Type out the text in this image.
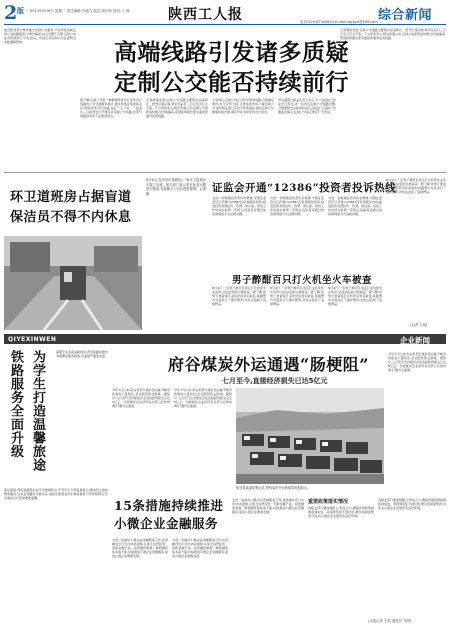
2 版 2013年8月6日 星期二 责任编辑:牛凌九 版式:刘小娇 校对:王 琼	陕西工人报	综合新闻
电话:029-87340844 E-mail:sgrbzh@163.com
最近陕西部分城市推出定制公交服务,不少乘客反映定制公交线路数量少,票价偏高,站点设置不合理,定制公交能否持续前行,引发热议。市民认为定制公交应面向大多数通勤群体。	高端线路引发诸多质疑
定制公交能否持续前行
据了解,定制公交是一种根据乘客出行需求设计线路的公共交通服务模式,通过网络征集乘客意见,按照需求设计线路,实行一人一座、一站直达。目前西安已开通多条定制公交线路,但部分线路因乘客不足被迫停运。
记者调查发现,定制公交线路主要集中在高新区、经开区等区域,票价在每月三百元至五百元不等。不少乘客表示,相比普通公交,定制公交更舒适快捷,但价格偏高,希望能够推出更多面向普通市民的线路。
专家建议,定制公交应当科学规划线路,合理确定票价,加大宣传力度,让更多的市民了解定制公交,同时相关部门应给予政策支持,推动定制公交健康持续发展,满足市民多样化的出行需求。
市交通部门相关负责人表示,下一步将结合市民出行需求,进一步优化定制公交线路设置,合理调整发车时间和站点,逐步扩大定制公交覆盖范围,让定制公交真正惠及广大市民。
记者调查发现,定制公交线路主要集中在高新区、经开区等区域,票价在每月三百元至五百元不等。不少乘客表示,相比普通公交,定制公交更舒适快捷,但价格偏高,希望能够推出更多面向普通市民的线路。
环卫道班房占据盲道
保洁员不得不内休息
8月5日,在西安市某路段,一座环卫道班房占据了盲道。相关部门表示将对此类问题进行整改,为视障人士出行提供便利。记者 摄	证监会开通“12386”投资者投诉热线
为进一步畅通投资者诉求渠道,中国证监会近日开通“12386”投资者服务热线,接受投资者的投诉、咨询、建议等。热线工作时间为每周一至周五,投资者可通过电话或网络方式反映问题。
为进一步畅通投资者诉求渠道,中国证监会近日开通“12386”投资者服务热线,接受投资者的投诉、咨询、建议等。热线工作时间为每周一至周五,投资者可通过电话或网络方式反映问题。
为进一步畅通投资者诉求渠道,中国证监会近日开通“12386”投资者服务热线,接受投资者的投诉、咨询、建议等。热线工作时间为每周一至周五,投资者可通过电话或网络方式反映问题。
男子醉酣百只打火机坐火车被查
8月4日,一名男子携带百余只打火机乘坐火车时,在进站安检中被查获。据了解,该男子准备将打火机带回老家销售,铁路警方对其进行了批评教育,并依法没收了违禁物品。
8月4日,一名男子携带百余只打火机乘坐火车时,在进站安检中被查获。据了解,该男子准备将打火机带回老家销售,铁路警方对其进行了批评教育,并依法没收了违禁物品。
8月4日,一名男子携带百余只打火机乘坐火车时,在进站安检中被查获。据了解,该男子准备将打火机带回老家销售,铁路警方对其进行了批评教育,并依法没收了违禁物品。
8月4日,一名男子携带百余只打火机乘坐火车时,在进站安检中被查获。据了解,该男子准备将打火机带回老家销售,铁路警方对其进行了批评教育,并依法没收了违禁物品。
(记者 王晓)
QIYEXINWEN	企业新闻
铁路服务全面升级 为学生打造温馨旅途	暑期学生客流高峰到来,西安铁路局推出多项便民服务措施,全面提升服务质量。
暑运期间,西安铁路局针对学生旅客特点,开设学生专用售票窗口,增加学生团体购票服务,在车站设置学生候车区,安排志愿者为学生旅客提供引导和帮助,让学生旅客出行更加便捷温馨。
府谷煤炭外运通遇“肠梗阻”
七月至今,直接经济损失已达5亿元
今年7月以来,府谷县部分煤矿因运输不畅导致煤炭大量积压,企业经营陷入困境。据统计,七月至今全县煤炭企业直接经济损失已达5亿元。当地煤炭企业呼吁有关部门尽快协调,打通外运通道。
今年7月以来,府谷县部分煤矿因运输不畅导致煤炭大量积压,企业经营陷入困境。据统计,七月至今全县煤炭企业直接经济损失已达5亿元。当地煤炭企业呼吁有关部门尽快协调,打通外运通道。
府谷县某煤炭集运站,等待装车外运的煤炭堆积如山。
今年7月以来,府谷县部分煤矿因运输不畅导致煤炭大量积压,企业经营陷入困境。据统计,七月至今全县煤炭企业直接经济损失已达5亿元。当地煤炭企业呼吁有关部门尽快协调,打通外运通道。
15条措施持续推进
小微企业金融服务
为进一步做好小微企业金融服务工作,省金融办近日出台15条措施,从加大信贷投放、创新金融产品、拓宽融资渠道、降低融资成本等方面,持续推进小微企业金融服务,促进小微企业健康发展。
为进一步做好小微企业金融服务工作,省金融办近日出台15条措施,从加大信贷投放、创新金融产品、拓宽融资渠道、降低融资成本等方面,持续推进小微企业金融服务,促进小微企业健康发展。
为进一步做好小微企业金融服务工作,省金融办近日出台15条措施,从加大信贷投放、创新金融产品、拓宽融资渠道、降低融资成本等方面,持续推进小微企业金融服务,促进小微企业健康发展。
重要政策落实情况
各相关部门要加强配合,形成合力,确保各项政策措施落到实处。对政策落实不到位的,要及时督促整改,切实为小微企业发展营造良好环境。
各相关部门要加强配合,形成合力,确保各项政策措施落到实处。对政策落实不到位的,要及时督促整改,切实为小微企业发展营造良好环境。
(本报记者 王浩 通讯员 马明)
